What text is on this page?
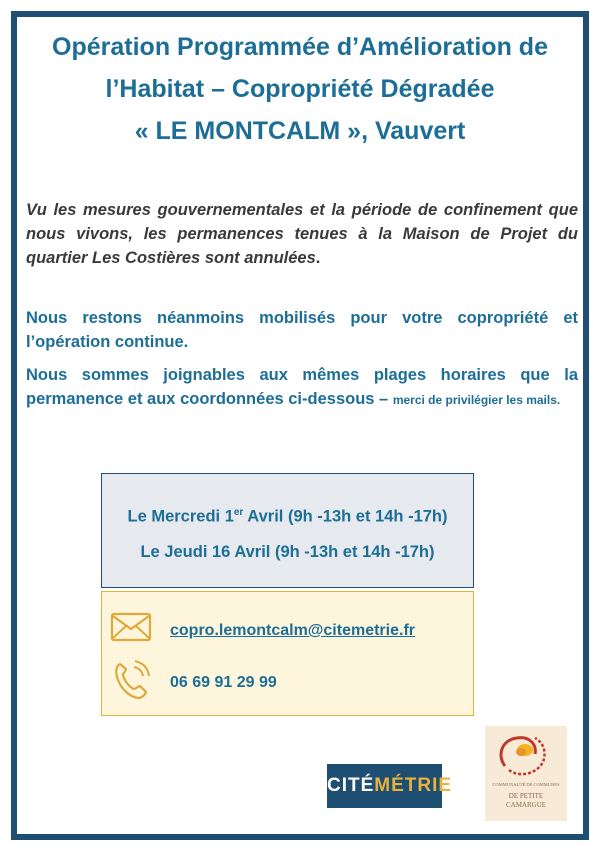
Opération Programmée d’Amélioration de
l’Habitat – Copropriété Dégradée
« LE MONTCALM », Vauvert
Vu les mesures gouvernementales et la période de confinement que nous vivons, les permanences tenues à la Maison de Projet du quartier Les Costières sont annulées.
Nous restons néanmoins mobilisés pour votre copropriété et l’opération continue.
Nous sommes joignables aux mêmes plages horaires que la permanence et aux coordonnées ci-dessous – merci de privilégier les mails.
Le Mercredi 1er Avril (9h -13h et 14h -17h)
Le Jeudi 16 Avril (9h -13h et 14h -17h)
copro.lemontcalm@citemetrie.fr
06 69 91 29 99
CITÉMÉTRIE	COMMUNAUTÉ DE COMMUNES
DE PETITE
CAMARGUE
